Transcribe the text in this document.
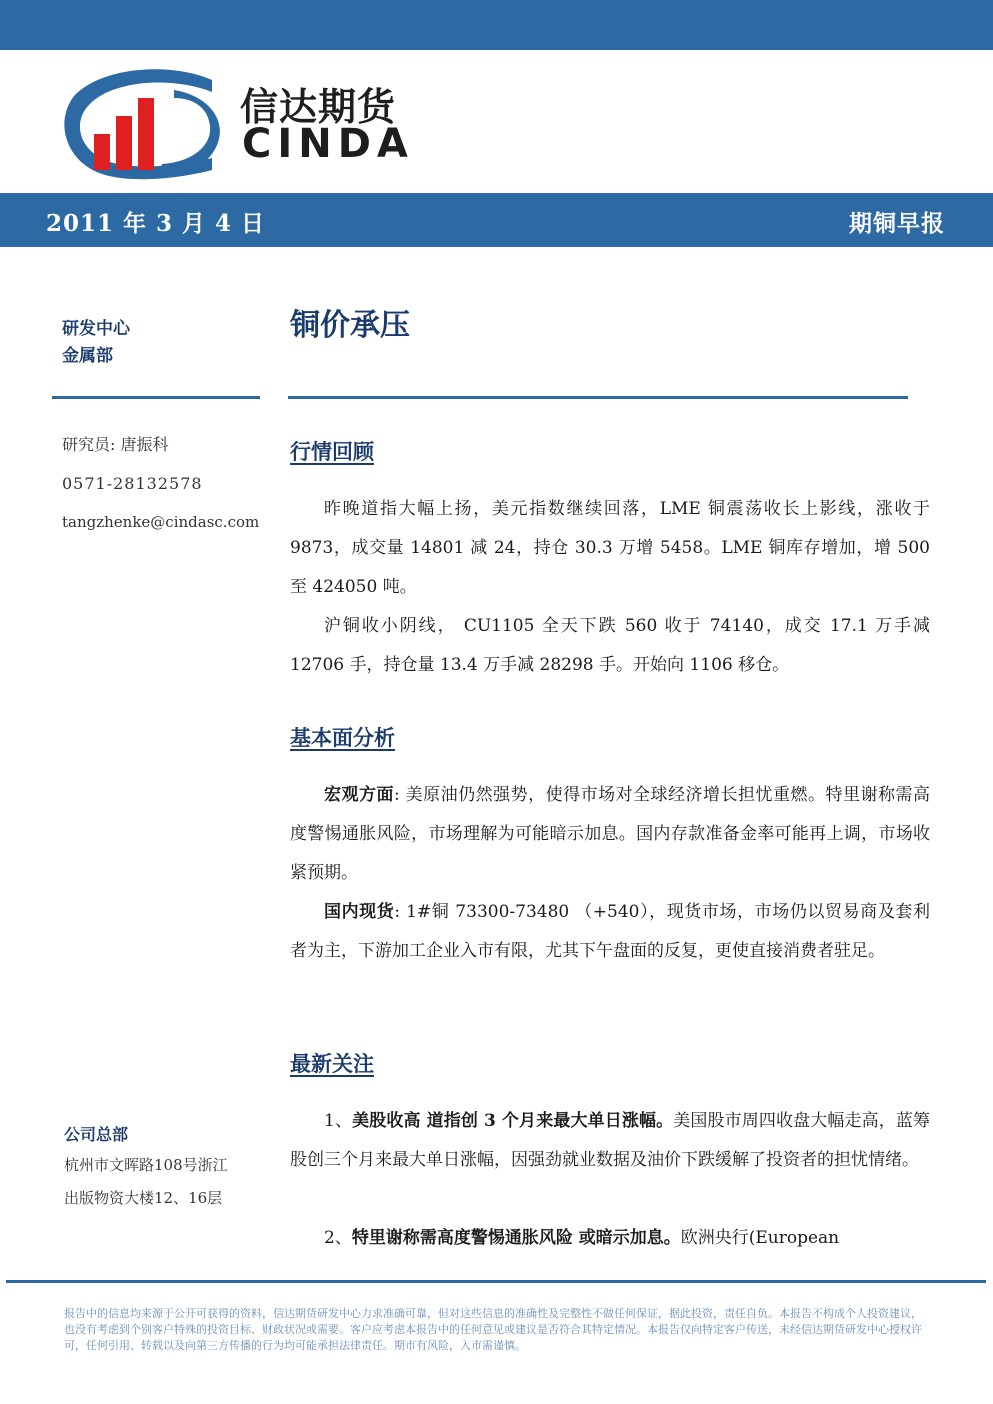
信达期货
CINDA
2011 年 3 月 4 日	期铜早报
研发中心
金属部
铜价承压
研究员: 唐振科
0571-28132578
tangzhenke@cindasc.com
公司总部
杭州市文晖路108号浙江
出版物资大楼12、16层
行情回顾

昨晚道指大幅上扬，美元指数继续回落，LME 铜震荡收长上影线，涨收于 9873，成交量 14801 减 24，持仓 30.3 万增 5458。LME 铜库存增加，增 500 至 424050 吨。

沪铜收小阴线， CU1105 全天下跌 560 收于 74140，成交 17.1 万手减 12706 手，持仓量 13.4 万手减 28298 手。开始向 1106 移仓。

基本面分析

宏观方面: 美原油仍然强势，使得市场对全球经济增长担忧重燃。特里谢称需高度警惕通胀风险，市场理解为可能暗示加息。国内存款准备金率可能再上调，市场收紧预期。

国内现货: 1#铜 73300-73480 （+540），现货市场，市场仍以贸易商及套利者为主，下游加工企业入市有限，尤其下午盘面的反复，更使直接消费者驻足。

最新关注

1、美股收高 道指创 3 个月来最大单日涨幅。美国股市周四收盘大幅走高，蓝筹股创三个月来最大单日涨幅，因强劲就业数据及油价下跌缓解了投资者的担忧情绪。

2、特里谢称需高度警惕通胀风险 或暗示加息。欧洲央行(European

报告中的信息均来源于公开可获得的资料，信达期货研发中心力求准确可靠，但对这些信息的准确性及完整性不做任何保证，据此投资，责任自负。本报告不构成个人投资建议，也没有考虑到个别客户特殊的投资目标、财政状况或需要。客户应考虑本报告中的任何意见或建议是否符合其特定情况。本报告仅向特定客户传送，未经信达期货研发中心授权许可，任何引用、转载以及向第三方传播的行为均可能承担法律责任。期市有风险，入市需谨慎。
